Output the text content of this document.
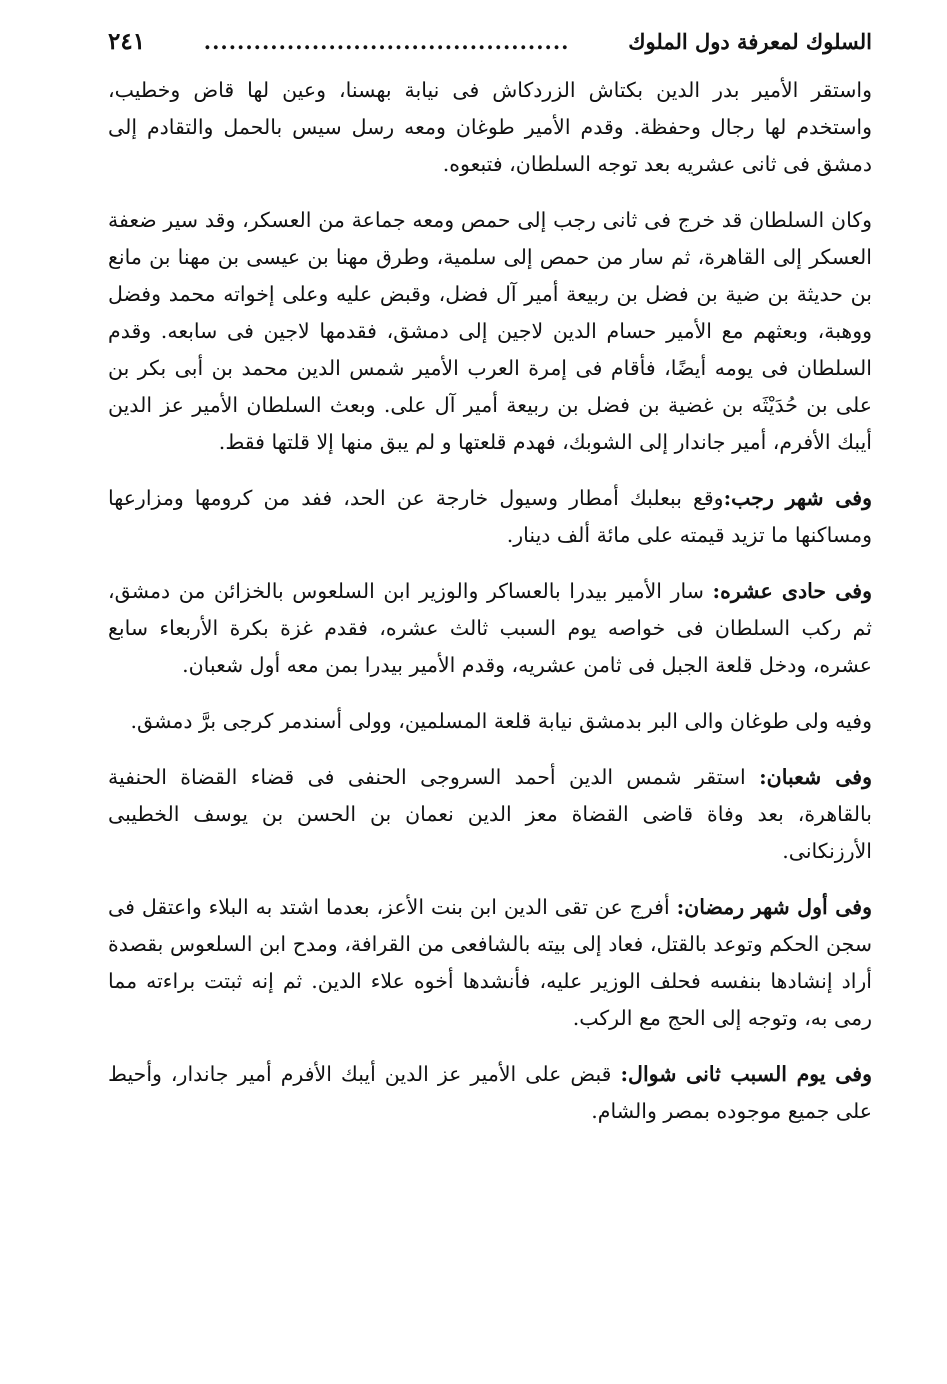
السلوك لمعرفة دول الملوك
............................................
٢٤١

واستقر الأمير بدر الدين بكتاش الزردكاش فى نيابة بهسنا، وعين لها قاض وخطيب، واستخدم لها رجال وحفظة. وقدم الأمير طوغان ومعه رسل سيس بالحمل والتقادم إلى دمشق فى ثانى عشريه بعد توجه السلطان، فتبعوه.

وكان السلطان قد خرج فى ثانى رجب إلى حمص ومعه جماعة من العسكر، وقد سير ضعفة العسكر إلى القاهرة، ثم سار من حمص إلى سلمية، وطرق مهنا بن عيسى بن مهنا بن مانع بن حديثة بن ضية بن فضل بن ربيعة أمير آل فضل، وقبض عليه وعلى إخواته محمد وفضل ووهبة، وبعثهم مع الأمير حسام الدين لاجين إلى دمشق، فقدمها لاجين فى سابعه. وقدم السلطان فى يومه أيضًا، فأقام فى إمرة العرب الأمير شمس الدين محمد بن أبى بكر بن على بن حُدَيْثَه بن غضية بن فضل بن ربيعة أمير آل على. وبعث السلطان الأمير عز الدين أيبك الأفرم، أمير جاندار إلى الشوبك، فهدم قلعتها و لم يبق منها إلا قلتها فقط.

وفى شهر رجب:وقع ببعلبك أمطار وسيول خارجة عن الحد، ففد من كرومها ومزارعها ومساكنها ما تزيد قيمته على مائة ألف دينار.

وفى حادى عشره: سار الأمير بيدرا بالعساكر والوزير ابن السلعوس بالخزائن من دمشق، ثم ركب السلطان فى خواصه يوم السبب ثالث عشره، فقدم غزة بكرة الأربعاء سابع عشره، ودخل قلعة الجبل فى ثامن عشريه، وقدم الأمير بيدرا بمن معه أول شعبان.

وفيه ولى طوغان والى البر بدمشق نيابة قلعة المسلمين، وولى أسندمر كرجى برَّ دمشق.

وفى شعبان: استقر شمس الدين أحمد السروجى الحنفى فى قضاء القضاة الحنفية بالقاهرة، بعد وفاة قاضى القضاة معز الدين نعمان بن الحسن بن يوسف الخطيبى الأرزنكانى.

وفى أول شهر رمضان: أفرج عن تقى الدين ابن بنت الأعز، بعدما اشتد به البلاء واعتقل فى سجن الحكم وتوعد بالقتل، فعاد إلى بيته بالشافعى من القرافة، ومدح ابن السلعوس بقصدة أراد إنشادها بنفسه فحلف الوزير عليه، فأنشدها أخوه علاء الدين. ثم إنه ثبتت براءته مما رمى به، وتوجه إلى الحج مع الركب.

وفى يوم السبب ثانى شوال: قبض على الأمير عز الدين أيبك الأفرم أمير جاندار، وأحيط على جميع موجوده بمصر والشام.
